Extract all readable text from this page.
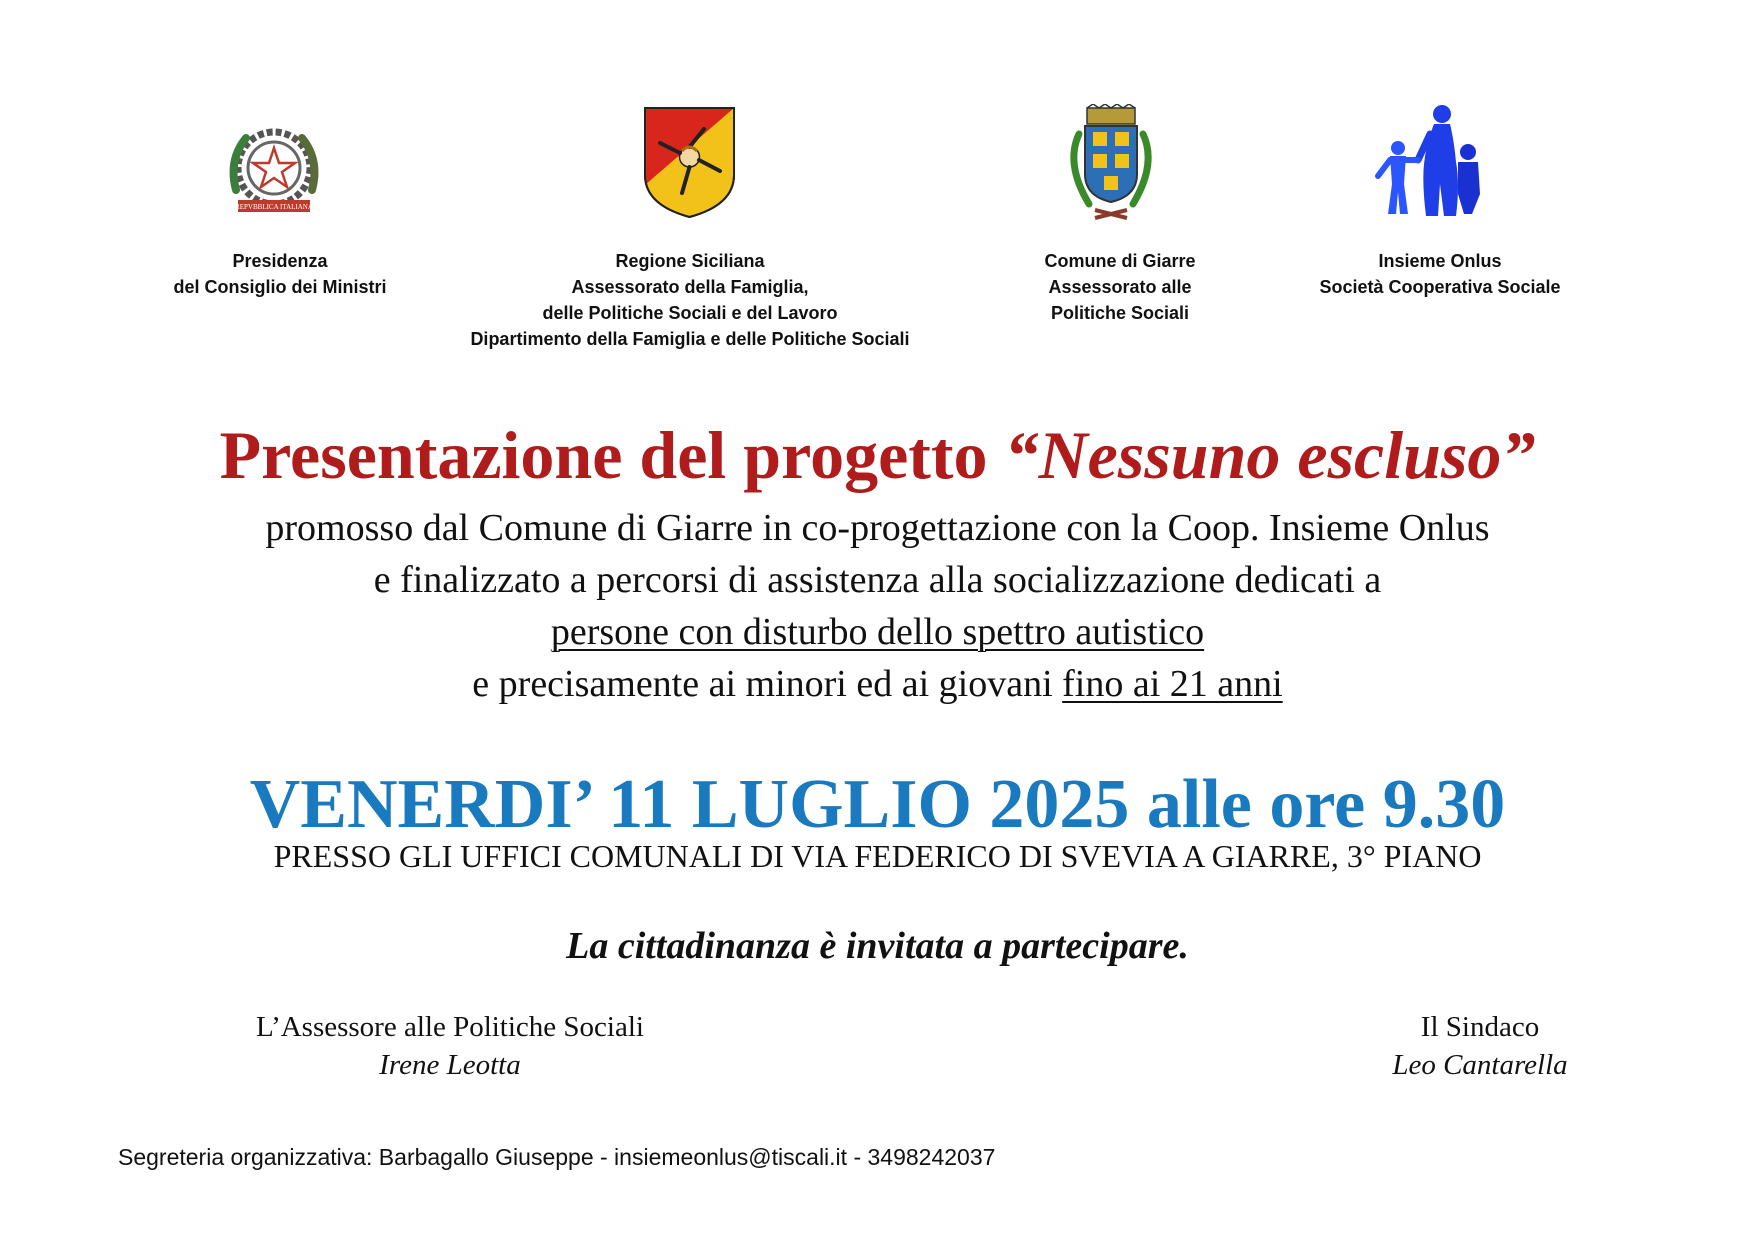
REPVBBLICA ITALIANA
Presidenza
del Consiglio dei Ministri
Regione Siciliana
Assessorato della Famiglia,
delle Politiche Sociali e del Lavoro
Dipartimento della Famiglia e delle Politiche Sociali
Comune di Giarre
Assessorato alle
Politiche Sociali
Insieme Onlus
Società Cooperativa Sociale
Presentazione del progetto “Nessuno escluso”
promosso dal Comune di Giarre in co-progettazione con la Coop. Insieme Onlus
e finalizzato a percorsi di assistenza alla socializzazione dedicati a
persone con disturbo dello spettro autistico
e precisamente ai minori ed ai giovani fino ai 21 anni
VENERDI’ 11 LUGLIO 2025 alle ore 9.30
PRESSO GLI UFFICI COMUNALI DI VIA FEDERICO DI SVEVIA A GIARRE, 3° PIANO
La cittadinanza è invitata a partecipare.
L’Assessore alle Politiche Sociali
Irene Leotta
Il Sindaco
Leo Cantarella
Segreteria organizzativa: Barbagallo Giuseppe - insiemeonlus@tiscali.it - 3498242037
